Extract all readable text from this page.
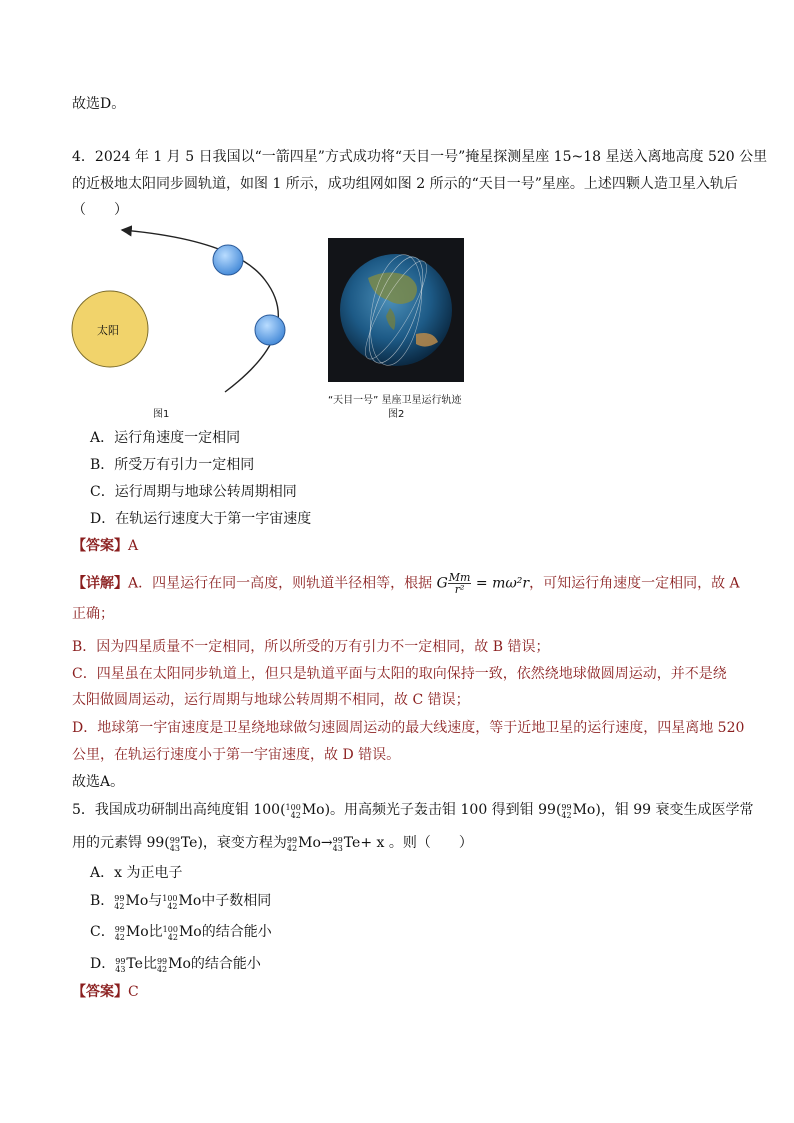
故选D。
4．2024 年 1 月 5 日我国以“一箭四星”方式成功将“天目一号”掩星探测星座 15~18 星送入离地高度 520 公里
的近极地太阳同步圆轨道，如图 1 所示，成功组网如图 2 所示的“天目一号”星座。上述四颗人造卫星入轨后
（　　）
太阳
图1
“天目一号” 星座卫星运行轨迹
图2
A．运行角速度一定相同
B．所受万有引力一定相同
C．运行周期与地球公转周期相同
D．在轨运行速度大于第一宇宙速度
【答案】A
【详解】A．四星运行在同一高度，则轨道半径相等，根据 G $\frac{Mm}{\text{r²}} = m\omega^2r$，可知运行角速度一定相同，故 A
正确；
B．因为四星质量不一定相同，所以所受的万有引力不一定相同，故 B 错误；
C．四星虽在太阳同步轨道上，但只是轨道平面与太阳的取向保持一致，依然绕地球做圆周运动，并不是绕
太阳做圆周运动，运行周期与地球公转周期不相同，故 C 错误；
D．地球第一宇宙速度是卫星绕地球做匀速圆周运动的最大线速度，等于近地卫星的运行速度，四星离地 520
公里，在轨运行速度小于第一宇宙速度，故 D 错误。
故选A。
5．我国成功研制出高纯度钼 100( 100
42 Mo)。用高频光子轰击钼 100 得到钼 99( 99
42 Mo)，钼 99 衰变生成医学常
用的元素锝 99( 99
43 Te)，衰变方程为 99
42 Mo→ 99
43 Te+ x 。则（　　）
A．x 为正电子
B． 99
42 Mo与 100
42 Mo中子数相同
C． 99
42 Mo比 100
42 Mo的结合能小
D． 99
43 Te比 99
42 Mo的结合能小
【答案】C
